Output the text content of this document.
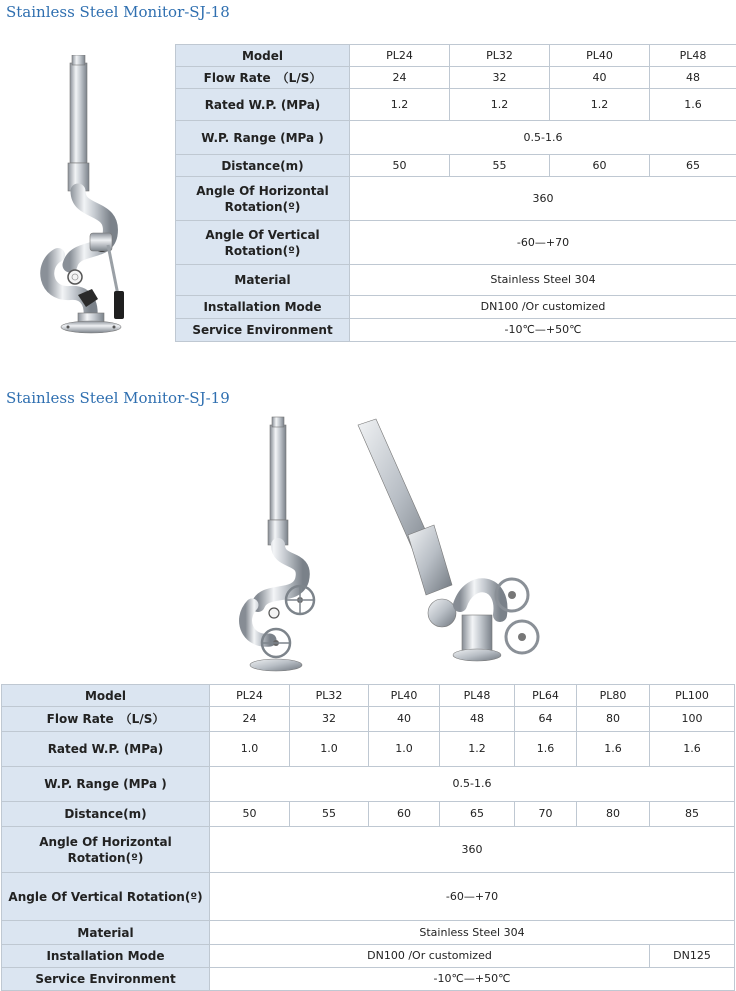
Stainless Steel Monitor-SJ-18
Model	PL24	PL32	PL40	PL48
Flow Rate　（L/S）	24	32	40	48
Rated W.P. (MPa)	1.2	1.2	1.2	1.6
W.P. Range (MPa )	0.5-1.6			
Distance(m)	50	55	60	65
Angle Of Horizontal Rotation(º)	360			
Angle Of Vertical Rotation(º)	-60—+70			
Material	Stainless Steel 304			
Installation Mode	DN100 /Or customized			
Service Environment	-10℃—+50℃			
Stainless Steel Monitor-SJ-19
Model	PL24	PL32	PL40	PL48	PL64	PL80	PL100
Flow Rate　（L/S）	24	32	40	48	64	80	100
Rated W.P. (MPa)	1.0	1.0	1.0	1.2	1.6	1.6	1.6
W.P. Range (MPa )	0.5-1.6						
Distance(m)	50	55	60	65	70	80	85
Angle Of Horizontal Rotation(º)	360						
Angle Of Vertical Rotation(º)	-60—+70						
Material	Stainless Steel 304						
Installation Mode	DN100 /Or customized						DN125
Service Environment	-10℃—+50℃						
